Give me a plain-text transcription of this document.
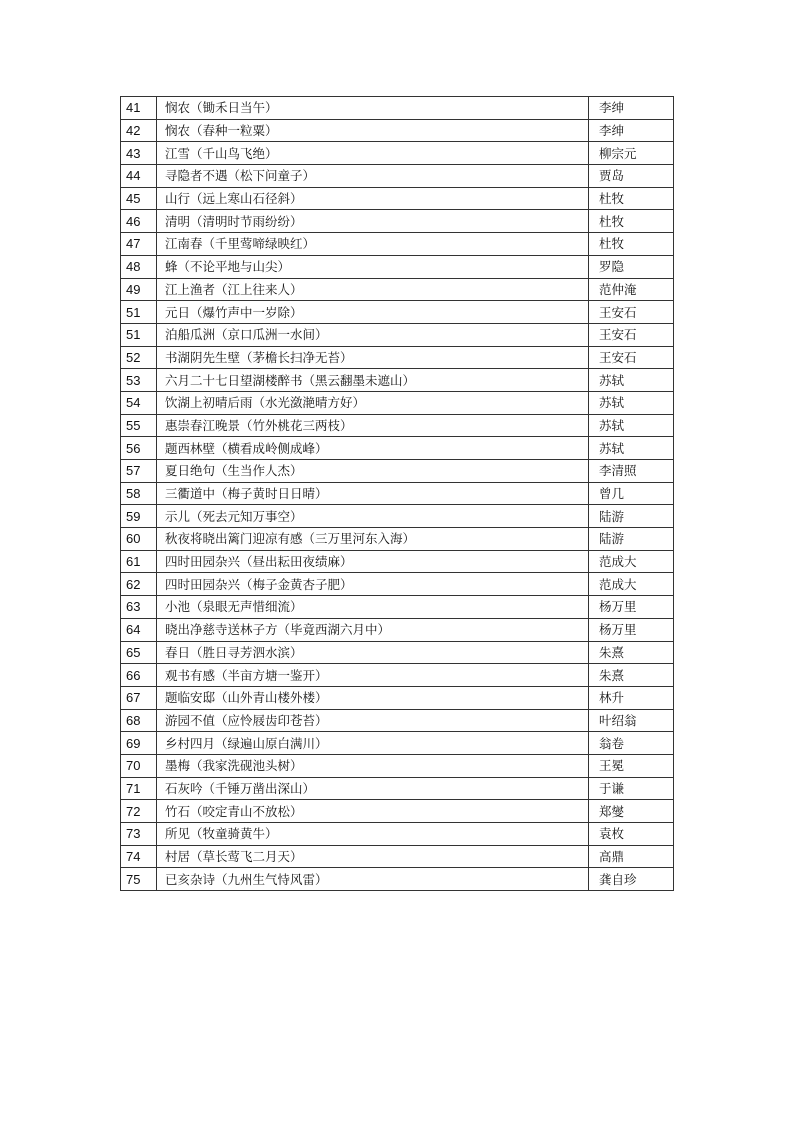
41	悯农（锄禾日当午）	李绅
42	悯农（春种一粒粟）	李绅
43	江雪（千山鸟飞绝）	柳宗元
44	寻隐者不遇（松下问童子）	贾岛
45	山行（远上寒山石径斜）	杜牧
46	清明（清明时节雨纷纷）	杜牧
47	江南春（千里莺啼绿映红）	杜牧
48	蜂（不论平地与山尖）	罗隐
49	江上渔者（江上往来人）	范仲淹
51	元日（爆竹声中一岁除）	王安石
51	泊船瓜洲（京口瓜洲一水间）	王安石
52	书湖阴先生壁（茅檐长扫净无苔）	王安石
53	六月二十七日望湖楼醉书（黑云翻墨未遮山）	苏轼
54	饮湖上初晴后雨（水光潋滟晴方好）	苏轼
55	惠崇春江晚景（竹外桃花三两枝）	苏轼
56	题西林壁（横看成岭侧成峰）	苏轼
57	夏日绝句（生当作人杰）	李清照
58	三衢道中（梅子黄时日日晴）	曾几
59	示儿（死去元知万事空）	陆游
60	秋夜将晓出篱门迎凉有感（三万里河东入海）	陆游
61	四时田园杂兴（昼出耘田夜绩麻）	范成大
62	四时田园杂兴（梅子金黄杏子肥）	范成大
63	小池（泉眼无声惜细流）	杨万里
64	晓出净慈寺送林子方（毕竟西湖六月中）	杨万里
65	春日（胜日寻芳泗水滨）	朱熹
66	观书有感（半亩方塘一鉴开）	朱熹
67	题临安邸（山外青山楼外楼）	林升
68	游园不值（应怜屐齿印苍苔）	叶绍翁
69	乡村四月（绿遍山原白满川）	翁卷
70	墨梅（我家洗砚池头树）	王冕
71	石灰吟（千锤万凿出深山）	于谦
72	竹石（咬定青山不放松）	郑燮
73	所见（牧童骑黄牛）	袁枚
74	村居（草长莺飞二月天）	高鼎
75	已亥杂诗（九州生气恃风雷）	龚自珍
